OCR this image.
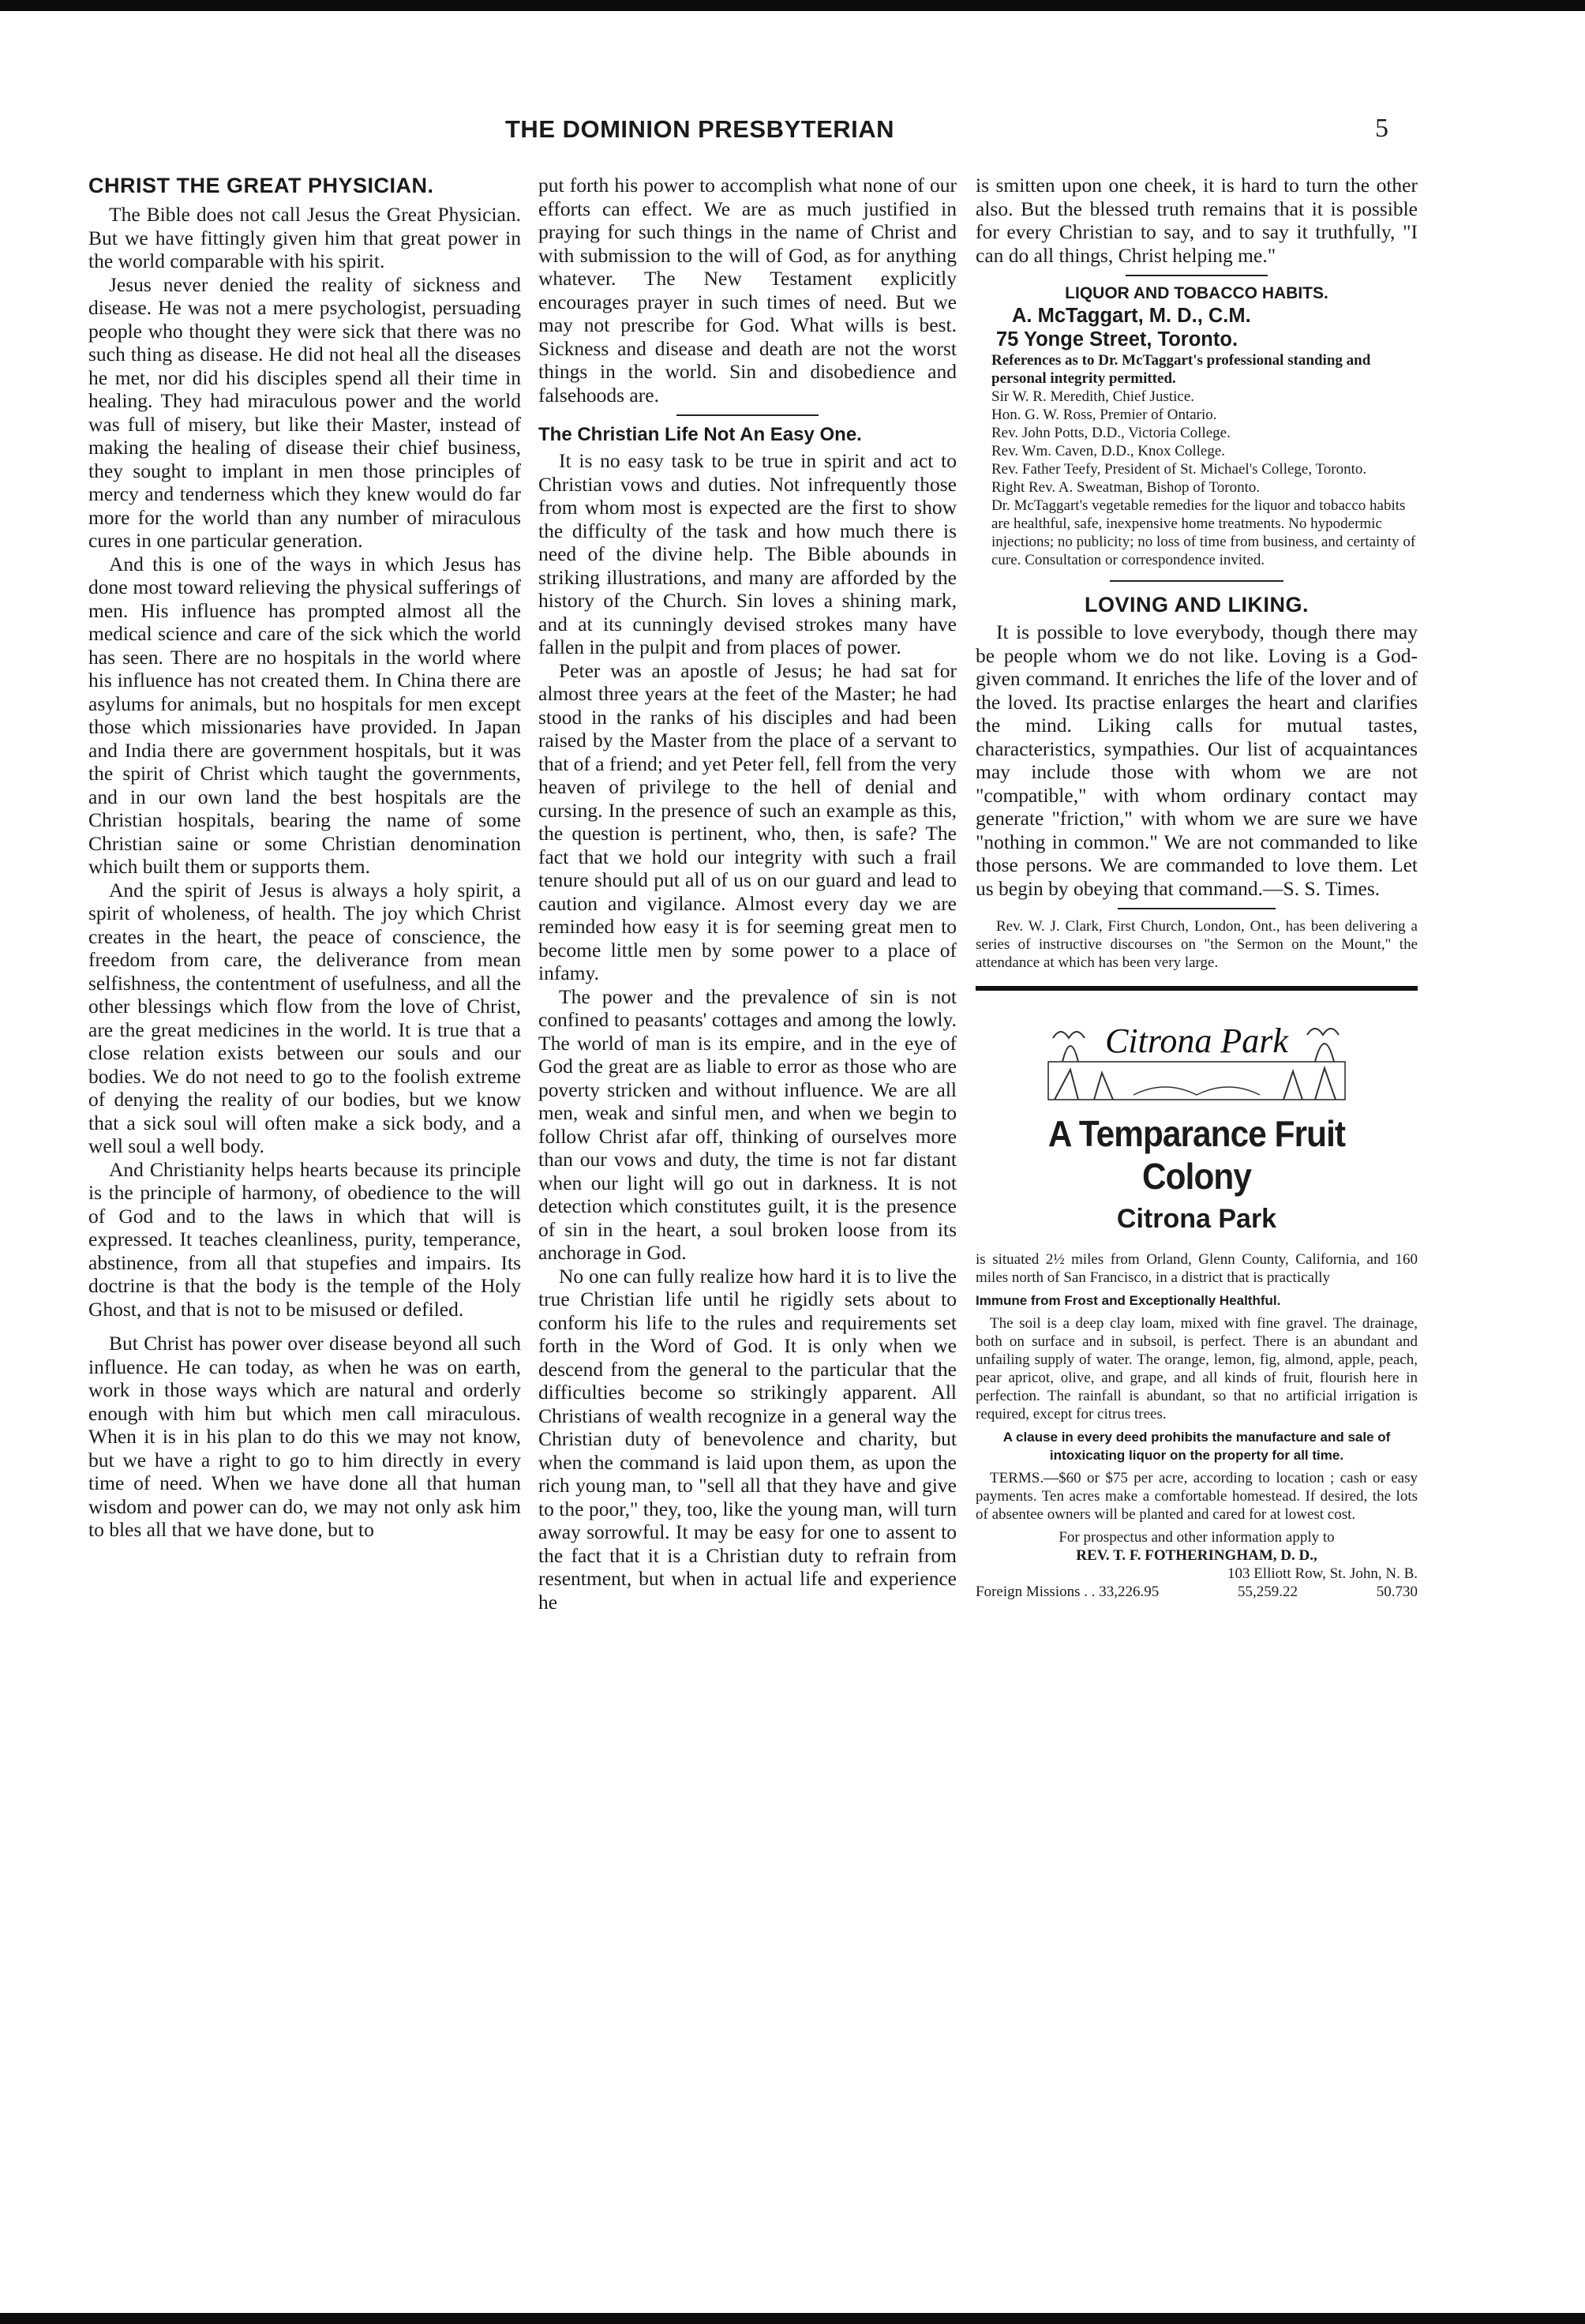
THE DOMINION PRESBYTERIAN	5
CHRIST THE GREAT PHYSICIAN.

The Bible does not call Jesus the Great Physician. But we have fittingly given him that great power in the world comparable with his spirit.

Jesus never denied the reality of sickness and disease. He was not a mere psychologist, persuading people who thought they were sick that there was no such thing as disease. He did not heal all the diseases he met, nor did his disciples spend all their time in healing. They had miraculous power and the world was full of misery, but like their Master, instead of making the healing of disease their chief business, they sought to implant in men those principles of mercy and tenderness which they knew would do far more for the world than any number of miraculous cures in one particular generation.

And this is one of the ways in which Jesus has done most toward relieving the physical sufferings of men. His influence has prompted almost all the medical science and care of the sick which the world has seen. There are no hospitals in the world where his influence has not created them. In China there are asylums for animals, but no hospitals for men except those which missionaries have provided. In Japan and India there are government hospitals, but it was the spirit of Christ which taught the governments, and in our own land the best hospitals are the Christian hospitals, bearing the name of some Christian saine or some Christian denomination which built them or supports them.

And the spirit of Jesus is always a holy spirit, a spirit of wholeness, of health. The joy which Christ creates in the heart, the peace of conscience, the freedom from care, the deliverance from mean selfishness, the contentment of usefulness, and all the other blessings which flow from the love of Christ, are the great medicines in the world. It is true that a close relation exists between our souls and our bodies. We do not need to go to the foolish extreme of denying the reality of our bodies, but we know that a sick soul will often make a sick body, and a well soul a well body.

And Christianity helps hearts because its principle is the principle of harmony, of obedience to the will of God and to the laws in which that will is expressed. It teaches cleanliness, purity, temperance, abstinence, from all that stupefies and impairs. Its doctrine is that the body is the temple of the Holy Ghost, and that is not to be misused or defiled.

But Christ has power over disease beyond all such influence. He can today, as when he was on earth, work in those ways which are natural and orderly enough with him but which men call miraculous. When it is in his plan to do this we may not know, but we have a right to go to him directly in every time of need. When we have done all that human wisdom and power can do, we may not only ask him to bles all that we have done, but to

put forth his power to accomplish what none of our efforts can effect. We are as much justified in praying for such things in the name of Christ and with submission to the will of God, as for anything whatever. The New Testament explicitly encourages prayer in such times of need. But we may not prescribe for God. What wills is best. Sickness and disease and death are not the worst things in the world. Sin and disobedience and falsehoods are.

The Christian Life Not An Easy One.

It is no easy task to be true in spirit and act to Christian vows and duties. Not infrequently those from whom most is expected are the first to show the difficulty of the task and how much there is need of the divine help. The Bible abounds in striking illustrations, and many are afforded by the history of the Church. Sin loves a shining mark, and at its cunningly devised strokes many have fallen in the pulpit and from places of power.

Peter was an apostle of Jesus; he had sat for almost three years at the feet of the Master; he had stood in the ranks of his disciples and had been raised by the Master from the place of a servant to that of a friend; and yet Peter fell, fell from the very heaven of privilege to the hell of denial and cursing. In the presence of such an example as this, the question is pertinent, who, then, is safe? The fact that we hold our integrity with such a frail tenure should put all of us on our guard and lead to caution and vigilance. Almost every day we are reminded how easy it is for seeming great men to become little men by some power to a place of infamy.

The power and the prevalence of sin is not confined to peasants' cottages and among the lowly. The world of man is its empire, and in the eye of God the great are as liable to error as those who are poverty stricken and without influence. We are all men, weak and sinful men, and when we begin to follow Christ afar off, thinking of ourselves more than our vows and duty, the time is not far distant when our light will go out in darkness. It is not detection which constitutes guilt, it is the presence of sin in the heart, a soul broken loose from its anchorage in God.

No one can fully realize how hard it is to live the true Christian life until he rigidly sets about to conform his life to the rules and requirements set forth in the Word of God. It is only when we descend from the general to the particular that the difficulties become so strikingly apparent. All Christians of wealth recognize in a general way the Christian duty of benevolence and charity, but when the command is laid upon them, as upon the rich young man, to "sell all that they have and give to the poor," they, too, like the young man, will turn away sorrowful. It may be easy for one to assent to the fact that it is a Christian duty to refrain from resentment, but when in actual life and experience he

is smitten upon one cheek, it is hard to turn the other also. But the blessed truth remains that it is possible for every Christian to say, and to say it truthfully, "I can do all things, Christ helping me."

LIQUOR AND TOBACCO HABITS.

A. McTaggart, M. D., C.M.

75 Yonge Street, Toronto.

References as to Dr. McTaggart's professional standing and personal integrity permitted.
Sir W. R. Meredith, Chief Justice.
Hon. G. W. Ross, Premier of Ontario.
Rev. John Potts, D.D., Victoria College.
Rev. Wm. Caven, D.D., Knox College.
Rev. Father Teefy, President of St. Michael's College, Toronto.
Right Rev. A. Sweatman, Bishop of Toronto.
Dr. McTaggart's vegetable remedies for the liquor and tobacco habits are healthful, safe, inexpensive home treatments. No hypodermic injections; no publicity; no loss of time from business, and certainty of cure. Consultation or correspondence invited.
LOVING AND LIKING.

It is possible to love everybody, though there may be people whom we do not like. Loving is a God-given command. It enriches the life of the lover and of the loved. Its practise enlarges the heart and clarifies the mind. Liking calls for mutual tastes, characteristics, sympathies. Our list of acquaintances may include those with whom we are not "compatible," with whom ordinary contact may generate "friction," with whom we are sure we have "nothing in common." We are not commanded to like those persons. We are commanded to love them. Let us begin by obeying that command.—S. S. Times.

Rev. W. J. Clark, First Church, London, Ont., has been delivering a series of instructive discourses on "the Sermon on the Mount," the attendance at which has been very large.

Citrona Park
A Temparance Fruit Colony
Citrona Park

is situated 2½ miles from Orland, Glenn County, California, and 160 miles north of San Francisco, in a district that is practically

Immune from Frost and Exceptionally Healthful.

The soil is a deep clay loam, mixed with fine gravel. The drainage, both on surface and in subsoil, is perfect. There is an abundant and unfailing supply of water. The orange, lemon, fig, almond, apple, peach, pear apricot, olive, and grape, and all kinds of fruit, flourish here in perfection. The rainfall is abundant, so that no artificial irrigation is required, except for citrus trees.

A clause in every deed prohibits the manufacture and sale of intoxicating liquor on the property for all time.

TERMS.—$60 or $75 per acre, according to location ; cash or easy payments. Ten acres make a comfortable homestead. If desired, the lots of absentee owners will be planted and cared for at lowest cost.

For prospectus and other information apply to
REV. T. F. FOTHERINGHAM, D. D.,
103 Elliott Row, St. John, N. B.
Foreign Missions . . 33,226.95	55,259.22	50.730
